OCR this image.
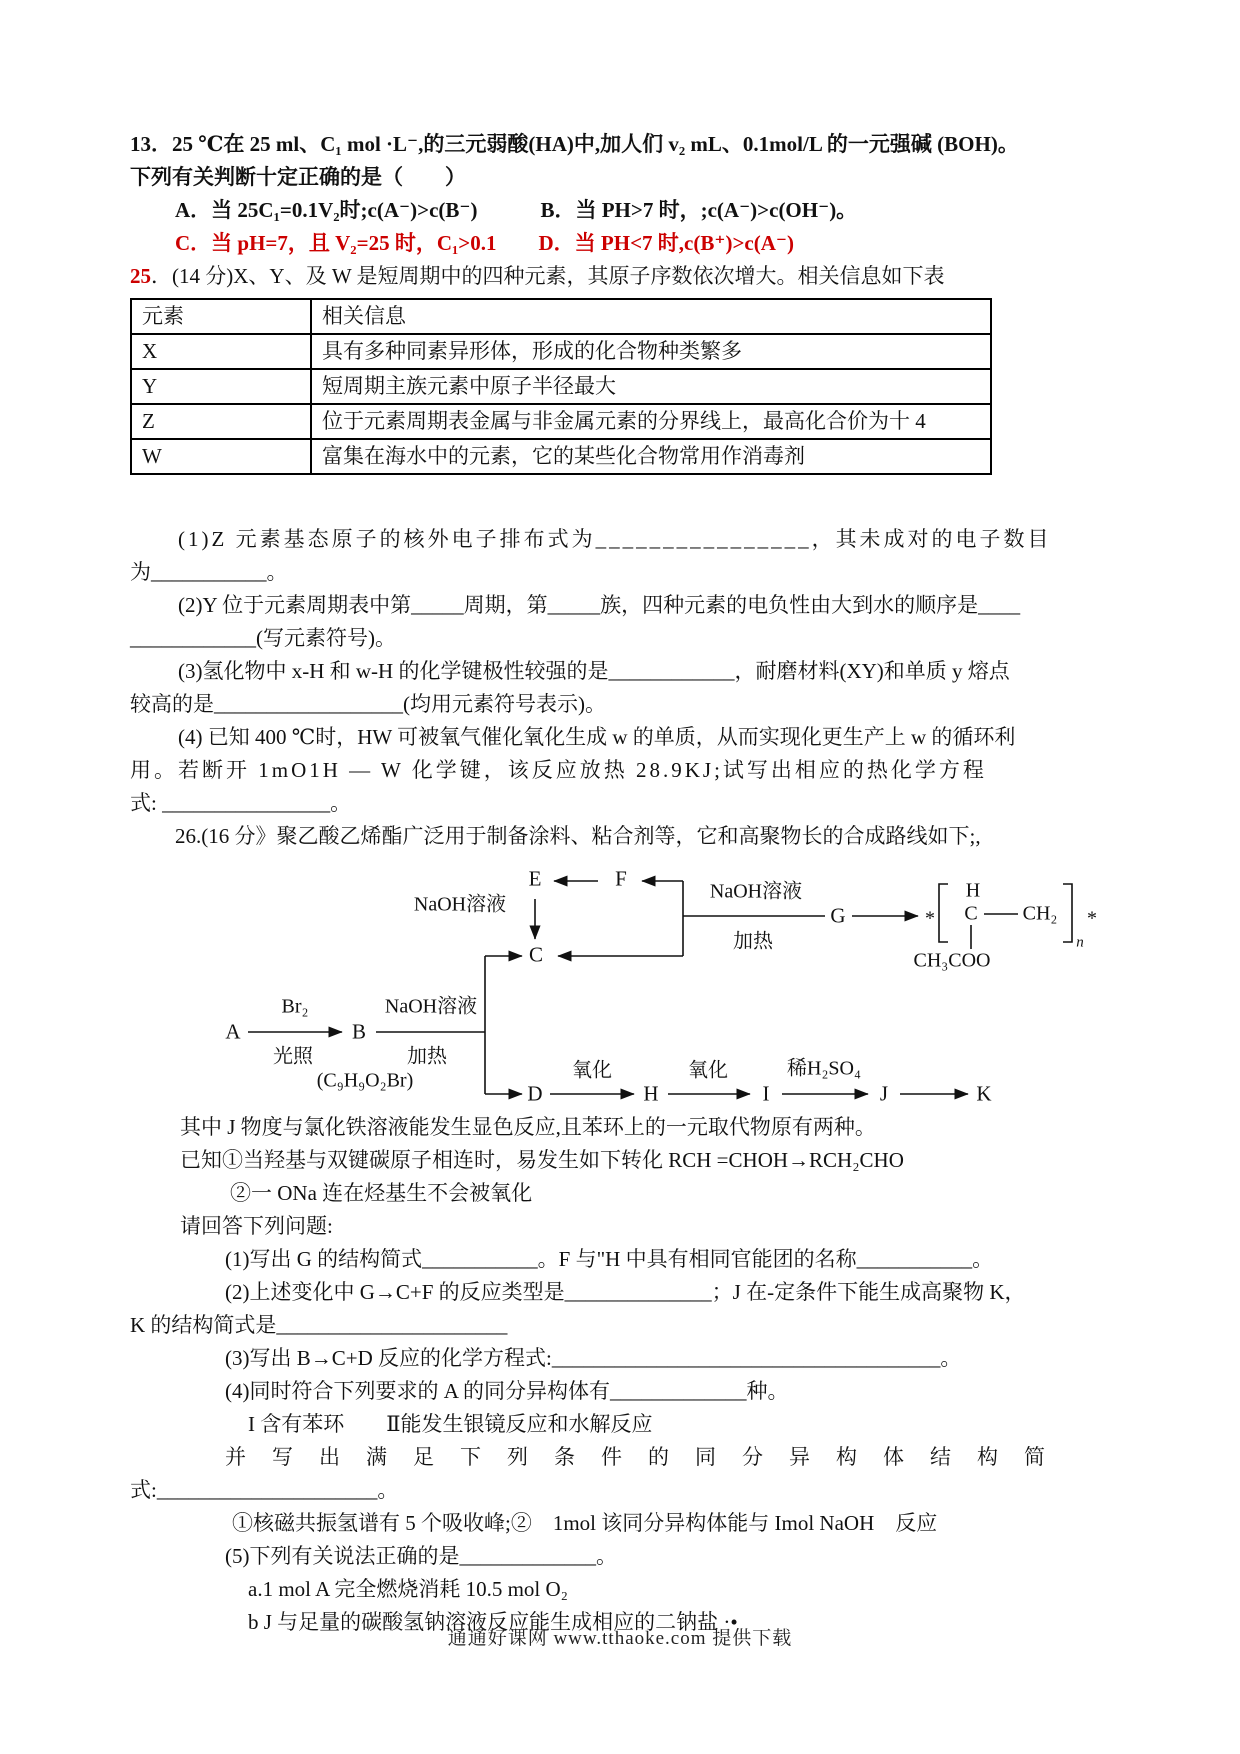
13．25 ℃在 25 ml、C₁ mol ·L⁻,的三元弱酸(HA)中,加人们 v₂ mL、0.1mol/L 的一元强碱 (BOH)。
下列有关判断十定正确的是（　　）
A．当 25C₁=0.1V₂时;c(A⁻)>c(B⁻)　　　B．当 PH>7 时，;c(A⁻)>c(OH⁻)。
C．当 pH=7，且 V₂=25 时，C₁>0.1　　D．当 PH<7 时,c(B⁺)>c(A⁻)
25．(14 分)X、Y、及 W 是短周期中的四种元素，其原子序数依次增大。相关信息如下表
元素	相关信息
X	具有多种同素异形体，形成的化合物种类繁多
Y	短周期主族元素中原子半径最大
Z	位于元素周期表金属与非金属元素的分界线上，最高化合价为十 4
W	富集在海水中的元素，它的某些化合物常用作消毒剂
(1)Z 元素基态原子的核外电子排布式为________________，其未成对的电子数目
为___________。
(2)Y 位于元素周期表中第_____周期，第_____族，四种元素的电负性由大到水的顺序是____
____________(写元素符号)。
(3)氢化物中 x-H 和 w-H 的化学键极性较强的是____________，耐磨材料(XY)和单质 y 熔点
较高的是__________________(均用元素符号表示)。
(4) 已知 400 ℃时，HW 可被氧气催化氧化生成 w 的单质，从而实现化更生产上 w 的循环利
用。若断开 1mO1H — W 化学键，该反应放热 28.9KJ;试写出相应的热化学方程
式: ________________。
26.(16 分》聚乙酸乙烯酯广泛用于制备涂料、粘合剂等，它和高聚物长的合成路线如下;,
E	F
NaOH溶液
C
NaOH溶液
加热
G	*
H
C CH₂
n
*
CH₃COO
A
Br₂
光照
B
NaOH溶液
加热
(C₉H₉O₂Br)
D
氧化
H
氧化
I
稀H₂SO₄
J	K
其中 J 物度与氯化铁溶液能发生显色反应,且苯环上的一元取代物原有两种。
已知①当羟基与双键碳原子相连时，易发生如下转化 RCH =CHOH→RCH₂CHO
②一 ONa 连在烃基生不会被氧化
请回答下列问题:
(1)写出 G 的结构简式___________。F 与"H 中具有相同官能团的名称___________。
(2)上述变化中 G→C+F 的反应类型是______________；J 在-定条件下能生成高聚物 K，
K 的结构简式是______________________
(3)写出 B→C+D 反应的化学方程式:_____________________________________。
(4)同时符合下列要求的 A 的同分异构体有_____________种。
I 含有苯环　　Ⅱ能发生银镜反应和水解反应
并写出满足下列条件的同分异构体结构简
式:_____________________。
①核磁共振氢谱有 5 个吸收峰;②　1mol 该同分异构体能与 Imol NaOH　反应
(5)下列有关说法正确的是_____________。
a.1 mol A 完全燃烧消耗 10.5 mol O₂
b J 与足量的碳酸氢钠溶液反应能生成相应的二钠盐 ·•
通通好课网 www.tthaoke.com 提供下载
